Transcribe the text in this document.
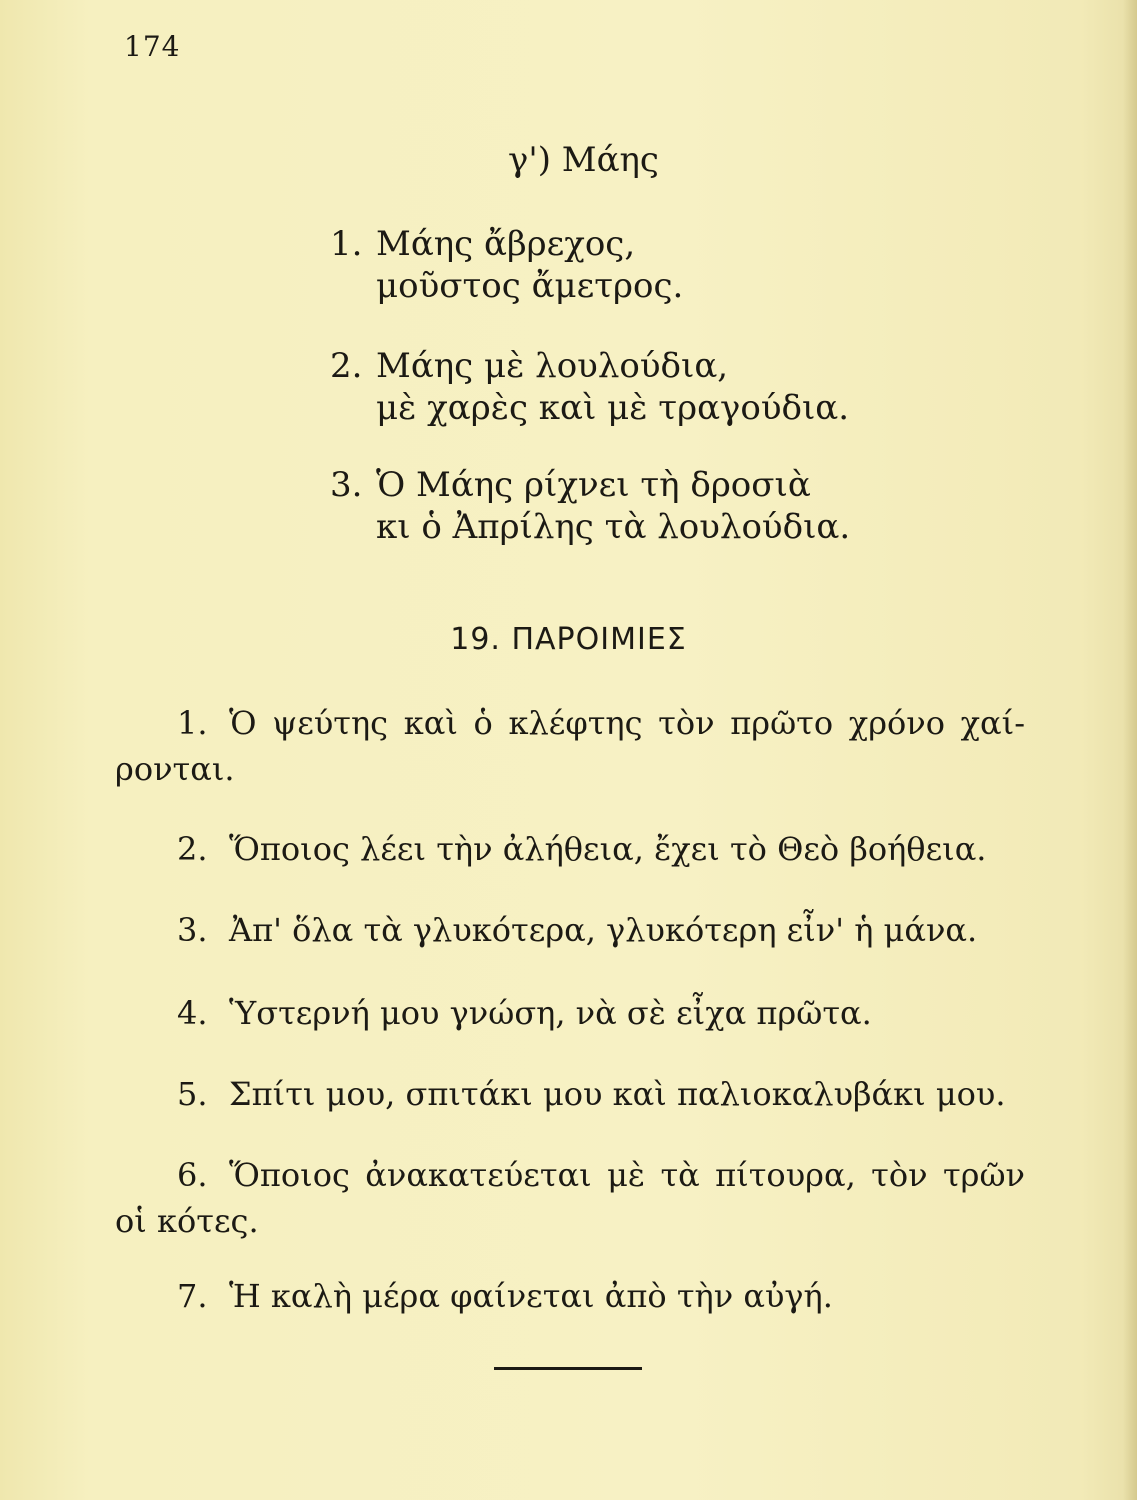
174
γ') Μάης
1. Μάης ἄβρεχος,
μοῦστος ἄμετρος.
2. Μάης μὲ λουλούδια,
μὲ χαρὲς καὶ μὲ τραγούδια.
3. Ὁ Μάης ρίχνει τὴ δροσιὰ
κι ὁ Ἀπρίλης τὰ λουλούδια.
19. ΠΑΡΟΙΜΙΕΣ
1. Ὁ ψεύτης καὶ ὁ κλέφτης τὸν πρῶτο χρόνο χαί-ρονται.
2. Ὅποιος λέει τὴν ἀλήθεια, ἔχει τὸ Θεὸ βοήθεια.
3. Ἀπ' ὅλα τὰ γλυκότερα, γλυκότερη εἶν' ἡ μάνα.
4. Ὑστερνή μου γνώση, νὰ σὲ εἶχα πρῶτα.
5. Σπίτι μου, σπιτάκι μου καὶ παλιοκαλυβάκι μου.
6. Ὅποιος ἀνακατεύεται μὲ τὰ πίτουρα, τὸν τρῶν οἱ κότες.
7. Ἡ καλὴ μέρα φαίνεται ἀπὸ τὴν αὐγή.
